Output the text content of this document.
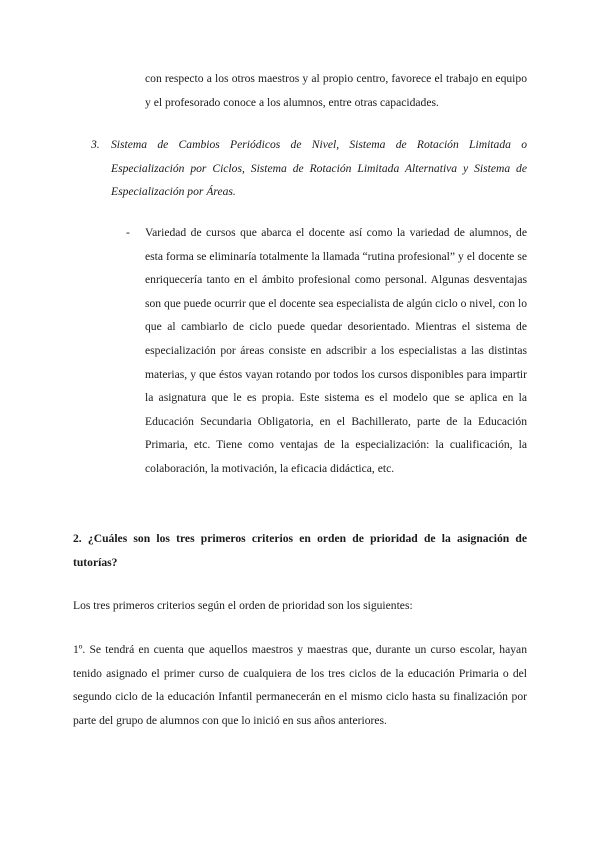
con respecto a los otros maestros y al propio centro, favorece el trabajo en equipo y el profesorado conoce a los alumnos, entre otras capacidades.

3. Sistema de Cambios Periódicos de Nivel, Sistema de Rotación Limitada o Especialización por Ciclos, Sistema de Rotación Limitada Alternativa y Sistema de Especialización por Áreas.

- Variedad de cursos que abarca el docente así como la variedad de alumnos, de esta forma se eliminaría totalmente la llamada “rutina profesional” y el docente se enriquecería tanto en el ámbito profesional como personal. Algunas desventajas son que puede ocurrir que el docente sea especialista de algún ciclo o nivel, con lo que al cambiarlo de ciclo puede quedar desorientado. Mientras el sistema de especialización por áreas consiste en adscribir a los especialistas a las distintas materias, y que éstos vayan rotando por todos los cursos disponibles para impartir la asignatura que le es propia. Este sistema es el modelo que se aplica en la Educación Secundaria Obligatoria, en el Bachillerato, parte de la Educación Primaria, etc. Tiene como ventajas de la especialización: la cualificación, la colaboración, la motivación, la eficacia didáctica, etc.

2. ¿Cuáles son los tres primeros criterios en orden de prioridad de la asignación de tutorías?

Los tres primeros criterios según el orden de prioridad son los siguientes:

1º. Se tendrá en cuenta que aquellos maestros y maestras que, durante un curso escolar, hayan tenido asignado el primer curso de cualquiera de los tres ciclos de la educación Primaria o del segundo ciclo de la educación Infantil permanecerán en el mismo ciclo hasta su finalización por parte del grupo de alumnos con que lo inició en sus años anteriores.
